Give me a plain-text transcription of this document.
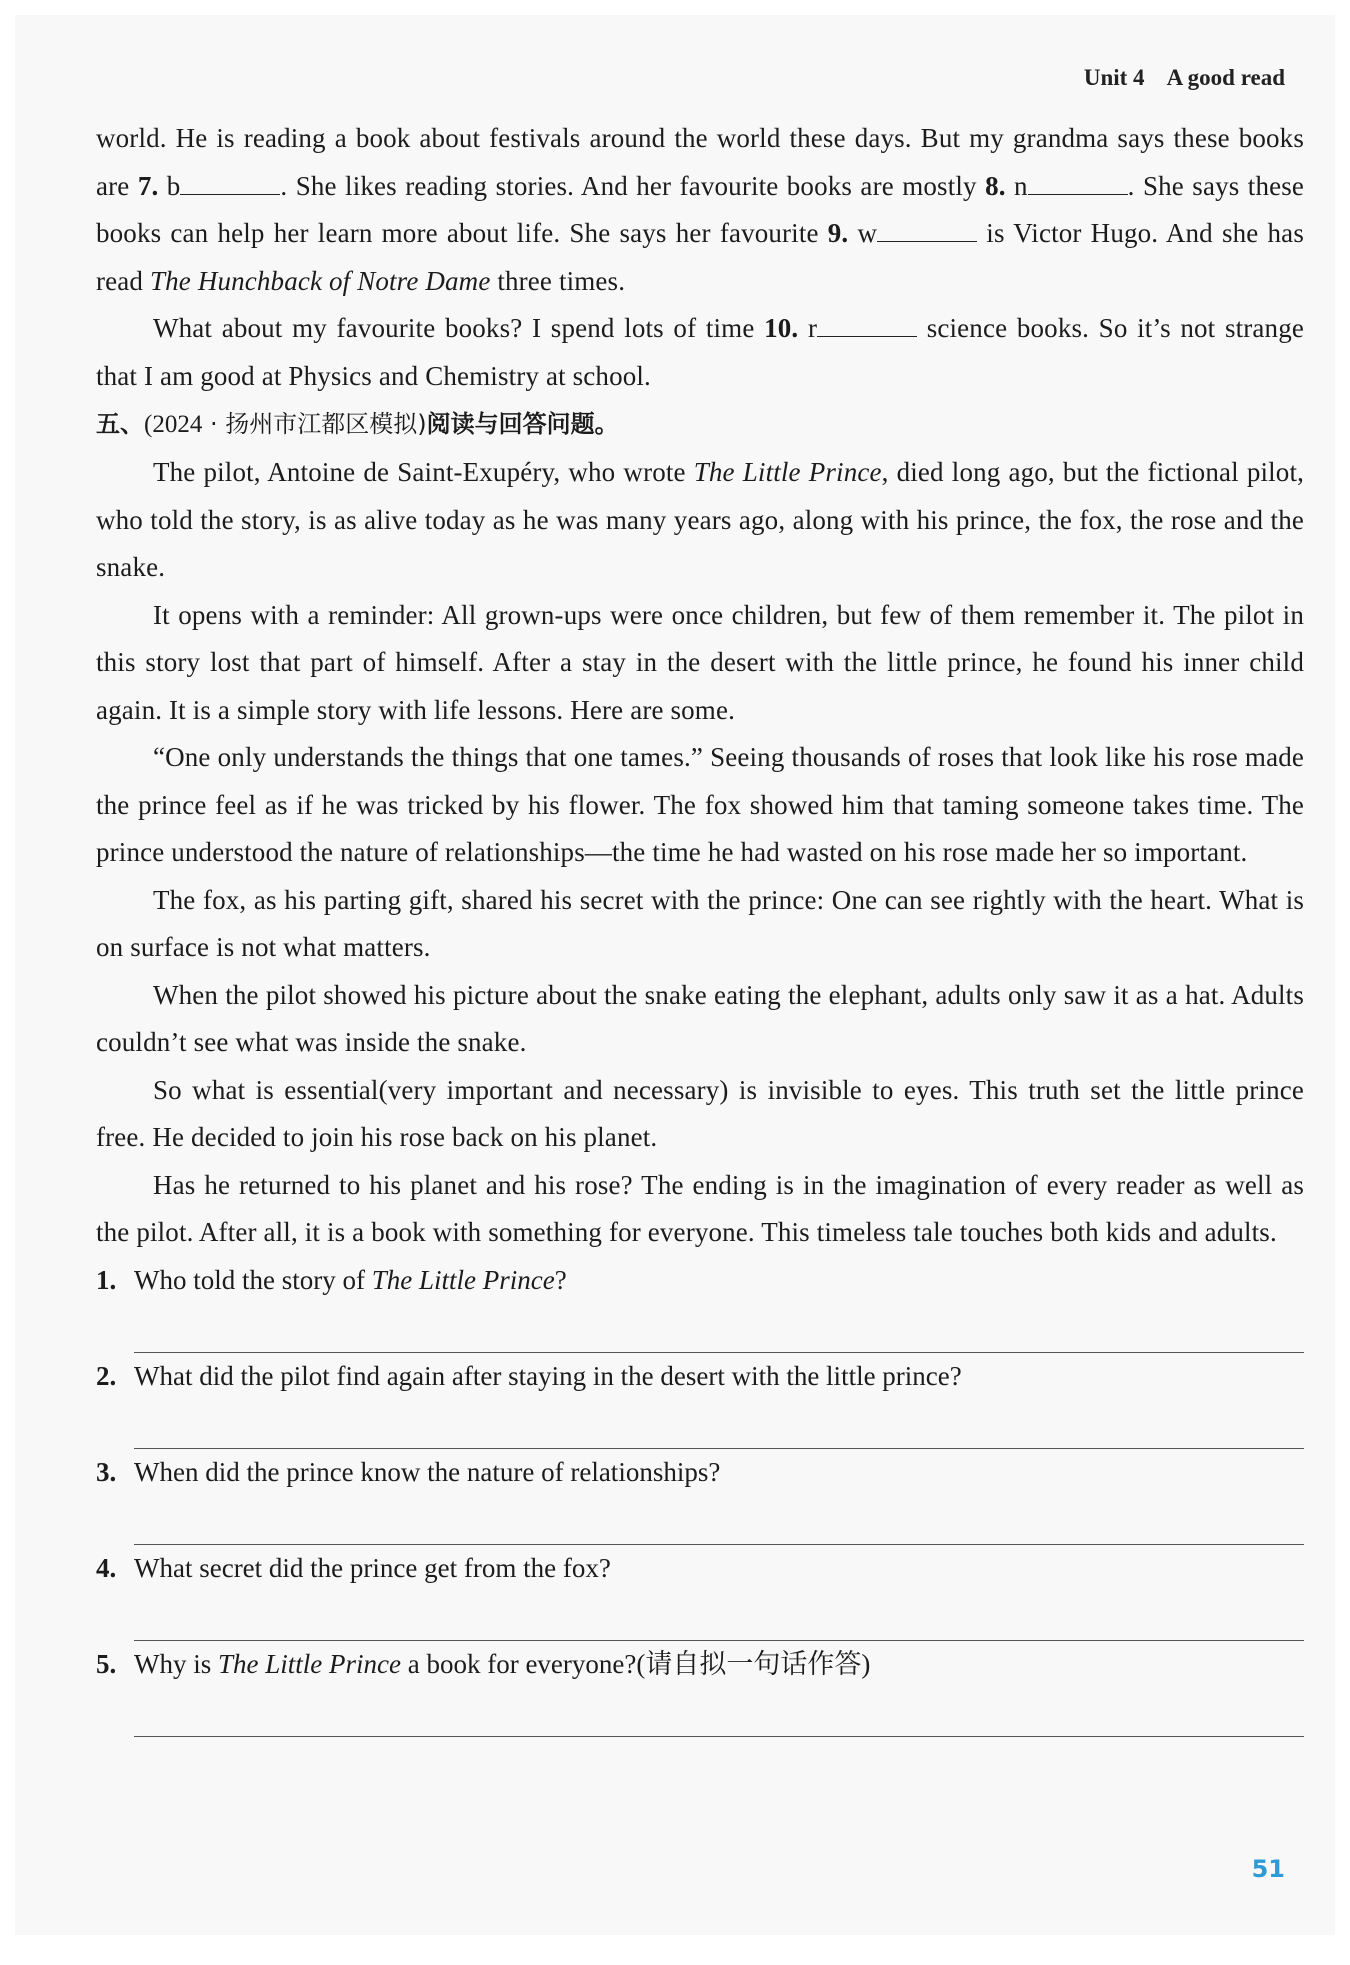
Unit 4 A good read

world. He is reading a book about festivals around the world these days. But my grandma says these books are 7. b	. She likes reading stories. And her favourite books are mostly 8. n	. She says these books can help her learn more about life. She says her favourite 9. w	is Victor Hugo. And she has read The Hunchback of Notre Dame three times.

What about my favourite books? I spend lots of time 10. r	science books. So it’s not strange that I am good at Physics and Chemistry at school.

五、(2024 · 扬州市江都区模拟)阅读与回答问题。

The pilot, Antoine de Saint-Exupéry, who wrote The Little Prince, died long ago, but the fictional pilot, who told the story, is as alive today as he was many years ago, along with his prince, the fox, the rose and the snake.

It opens with a reminder: All grown-ups were once children, but few of them remember it. The pilot in this story lost that part of himself. After a stay in the desert with the little prince, he found his inner child again. It is a simple story with life lessons. Here are some.

“One only understands the things that one tames.” Seeing thousands of roses that look like his rose made the prince feel as if he was tricked by his flower. The fox showed him that taming someone takes time. The prince understood the nature of relationships—the time he had wasted on his rose made her so important.

The fox, as his parting gift, shared his secret with the prince: One can see rightly with the heart. What is on surface is not what matters.

When the pilot showed his picture about the snake eating the elephant, adults only saw it as a hat. Adults couldn’t see what was inside the snake.

So what is essential(very important and necessary) is invisible to eyes. This truth set the little prince free. He decided to join his rose back on his planet.

Has he returned to his planet and his rose? The ending is in the imagination of every reader as well as the pilot. After all, it is a book with something for everyone. This timeless tale touches both kids and adults.

1. Who told the story of The Little Prince?

2. What did the pilot find again after staying in the desert with the little prince?

3. When did the prince know the nature of relationships?

4. What secret did the prince get from the fox?

5. Why is The Little Prince a book for everyone?(请自拟一句话作答)

51
